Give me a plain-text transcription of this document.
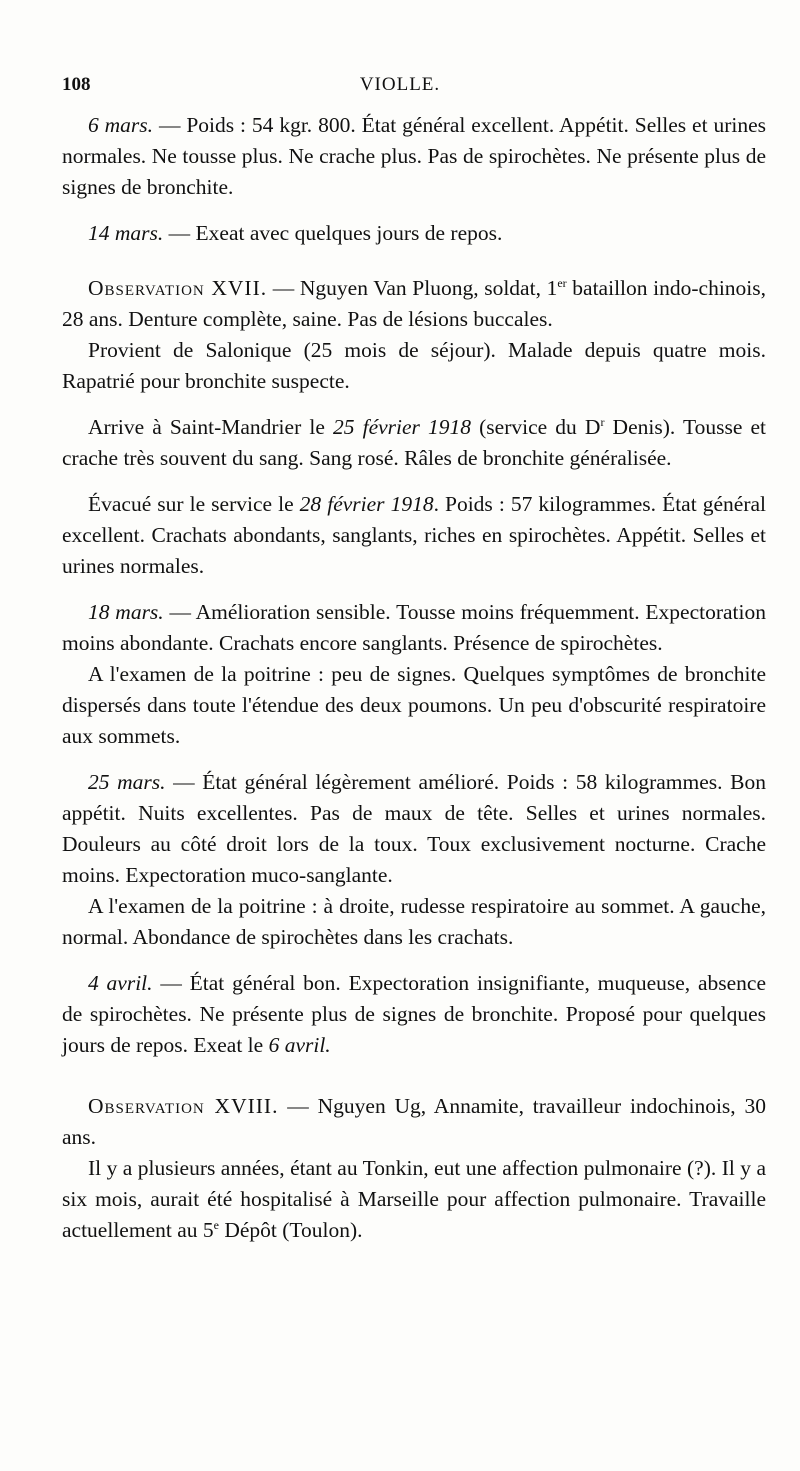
108	VIOLLE.

6 mars. — Poids : 54 kgr. 800. État général excellent. Appétit. Selles et urines normales. Ne tousse plus. Ne crache plus. Pas de spirochètes. Ne présente plus de signes de bronchite.

14 mars. — Exeat avec quelques jours de repos.

Observation XVII. — Nguyen Van Pluong, soldat, 1er bataillon indo-chinois, 28 ans. Denture complète, saine. Pas de lésions buccales.

Provient de Salonique (25 mois de séjour). Malade depuis quatre mois. Rapatrié pour bronchite suspecte.

Arrive à Saint-Mandrier le 25 février 1918 (service du $D^r$ Denis). Tousse et crache très souvent du sang. Sang rosé. Râles de bronchite généralisée.

Évacué sur le service le 28 février 1918. Poids : 57 kilogrammes. État général excellent. Crachats abondants, sanglants, riches en spirochètes. Appétit. Selles et urines normales.

18 mars. — Amélioration sensible. Tousse moins fréquemment. Expectoration moins abondante. Crachats encore sanglants. Présence de spirochètes.

A l'examen de la poitrine : peu de signes. Quelques symptômes de bronchite dispersés dans toute l'étendue des deux poumons. Un peu d'obscurité respiratoire aux sommets.

25 mars. — État général légèrement amélioré. Poids : 58 kilogrammes. Bon appétit. Nuits excellentes. Pas de maux de tête. Selles et urines normales. Douleurs au côté droit lors de la toux. Toux exclusivement nocturne. Crache moins. Expectoration muco-sanglante.

A l'examen de la poitrine : à droite, rudesse respiratoire au sommet. A gauche, normal. Abondance de spirochètes dans les crachats.

4 avril. — État général bon. Expectoration insignifiante, muqueuse, absence de spirochètes. Ne présente plus de signes de bronchite. Proposé pour quelques jours de repos. Exeat le 6 avril.

Observation XVIII. — Nguyen Ug, Annamite, travailleur indochinois, 30 ans.

Il y a plusieurs années, étant au Tonkin, eut une affection pulmonaire (?). Il y a six mois, aurait été hospitalisé à Marseille pour affection pulmonaire. Travaille actuellement au 5e Dépôt (Toulon).
